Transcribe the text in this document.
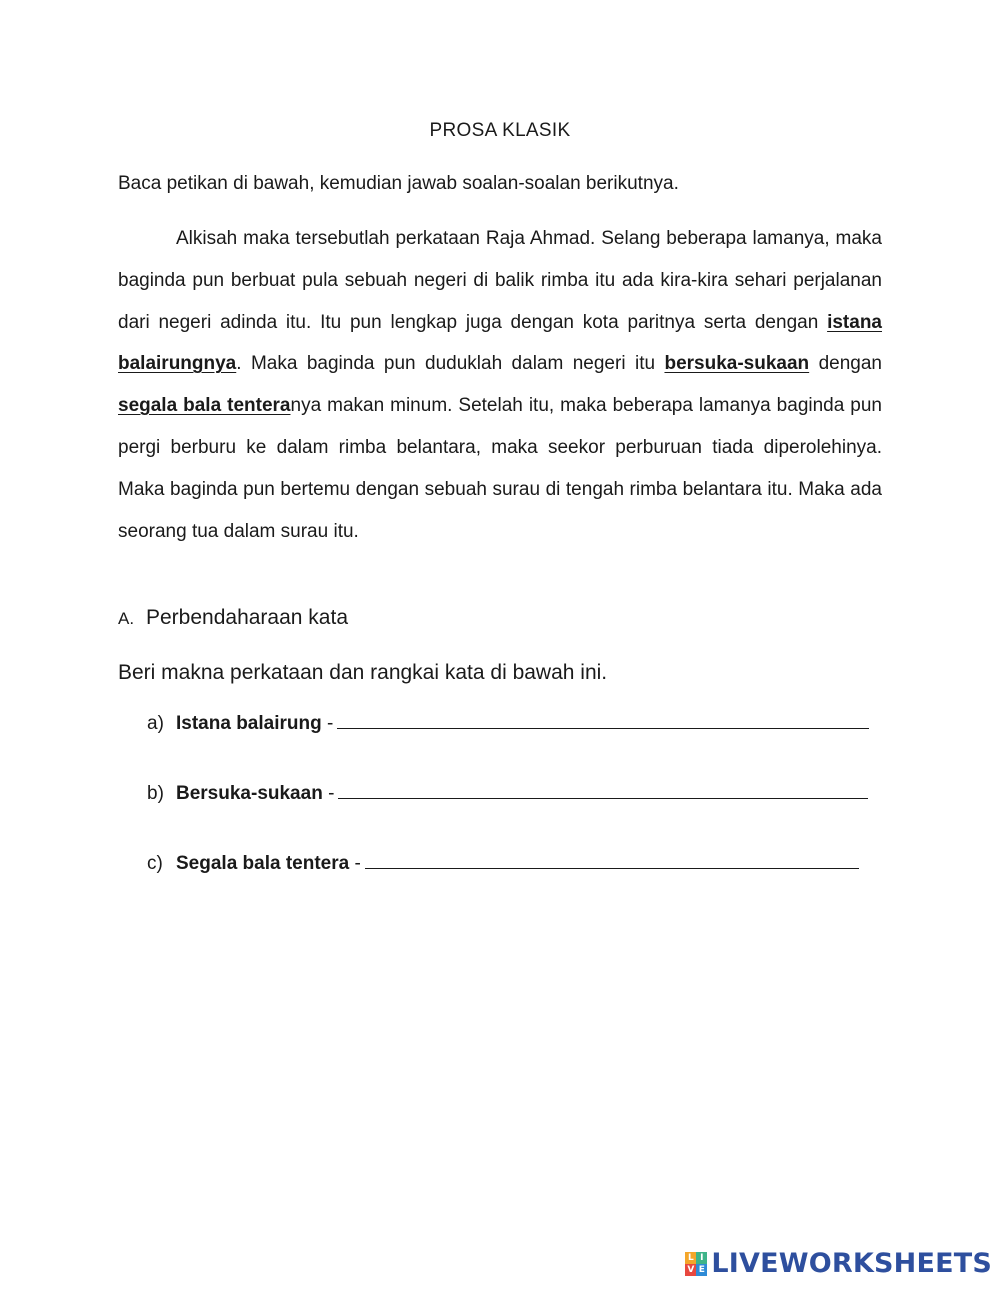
PROSA KLASIK
Baca petikan di bawah, kemudian jawab soalan-soalan berikutnya.

Alkisah maka tersebutlah perkataan Raja Ahmad. Selang beberapa lamanya, maka baginda pun berbuat pula sebuah negeri di balik rimba itu ada kira-kira sehari perjalanan dari negeri adinda itu. Itu pun lengkap juga dengan kota paritnya serta dengan istana balairungnya. Maka baginda pun duduklah dalam negeri itu bersuka-sukaan dengan segala bala tenteranya makan minum. Setelah itu, maka beberapa lamanya baginda pun pergi berburu ke dalam rimba belantara, maka seekor perburuan tiada diperolehinya. Maka baginda pun bertemu dengan sebuah surau di tengah rimba belantara itu. Maka ada seorang tua dalam surau itu.

A. Perbendaharaan kata
Beri makna perkataan dan rangkai kata di bawah ini.
a) Istana balairung -
b) Bersuka-sukaan -
c) Segala bala tentera -
L I
V E LIVEWORKSHEETS
